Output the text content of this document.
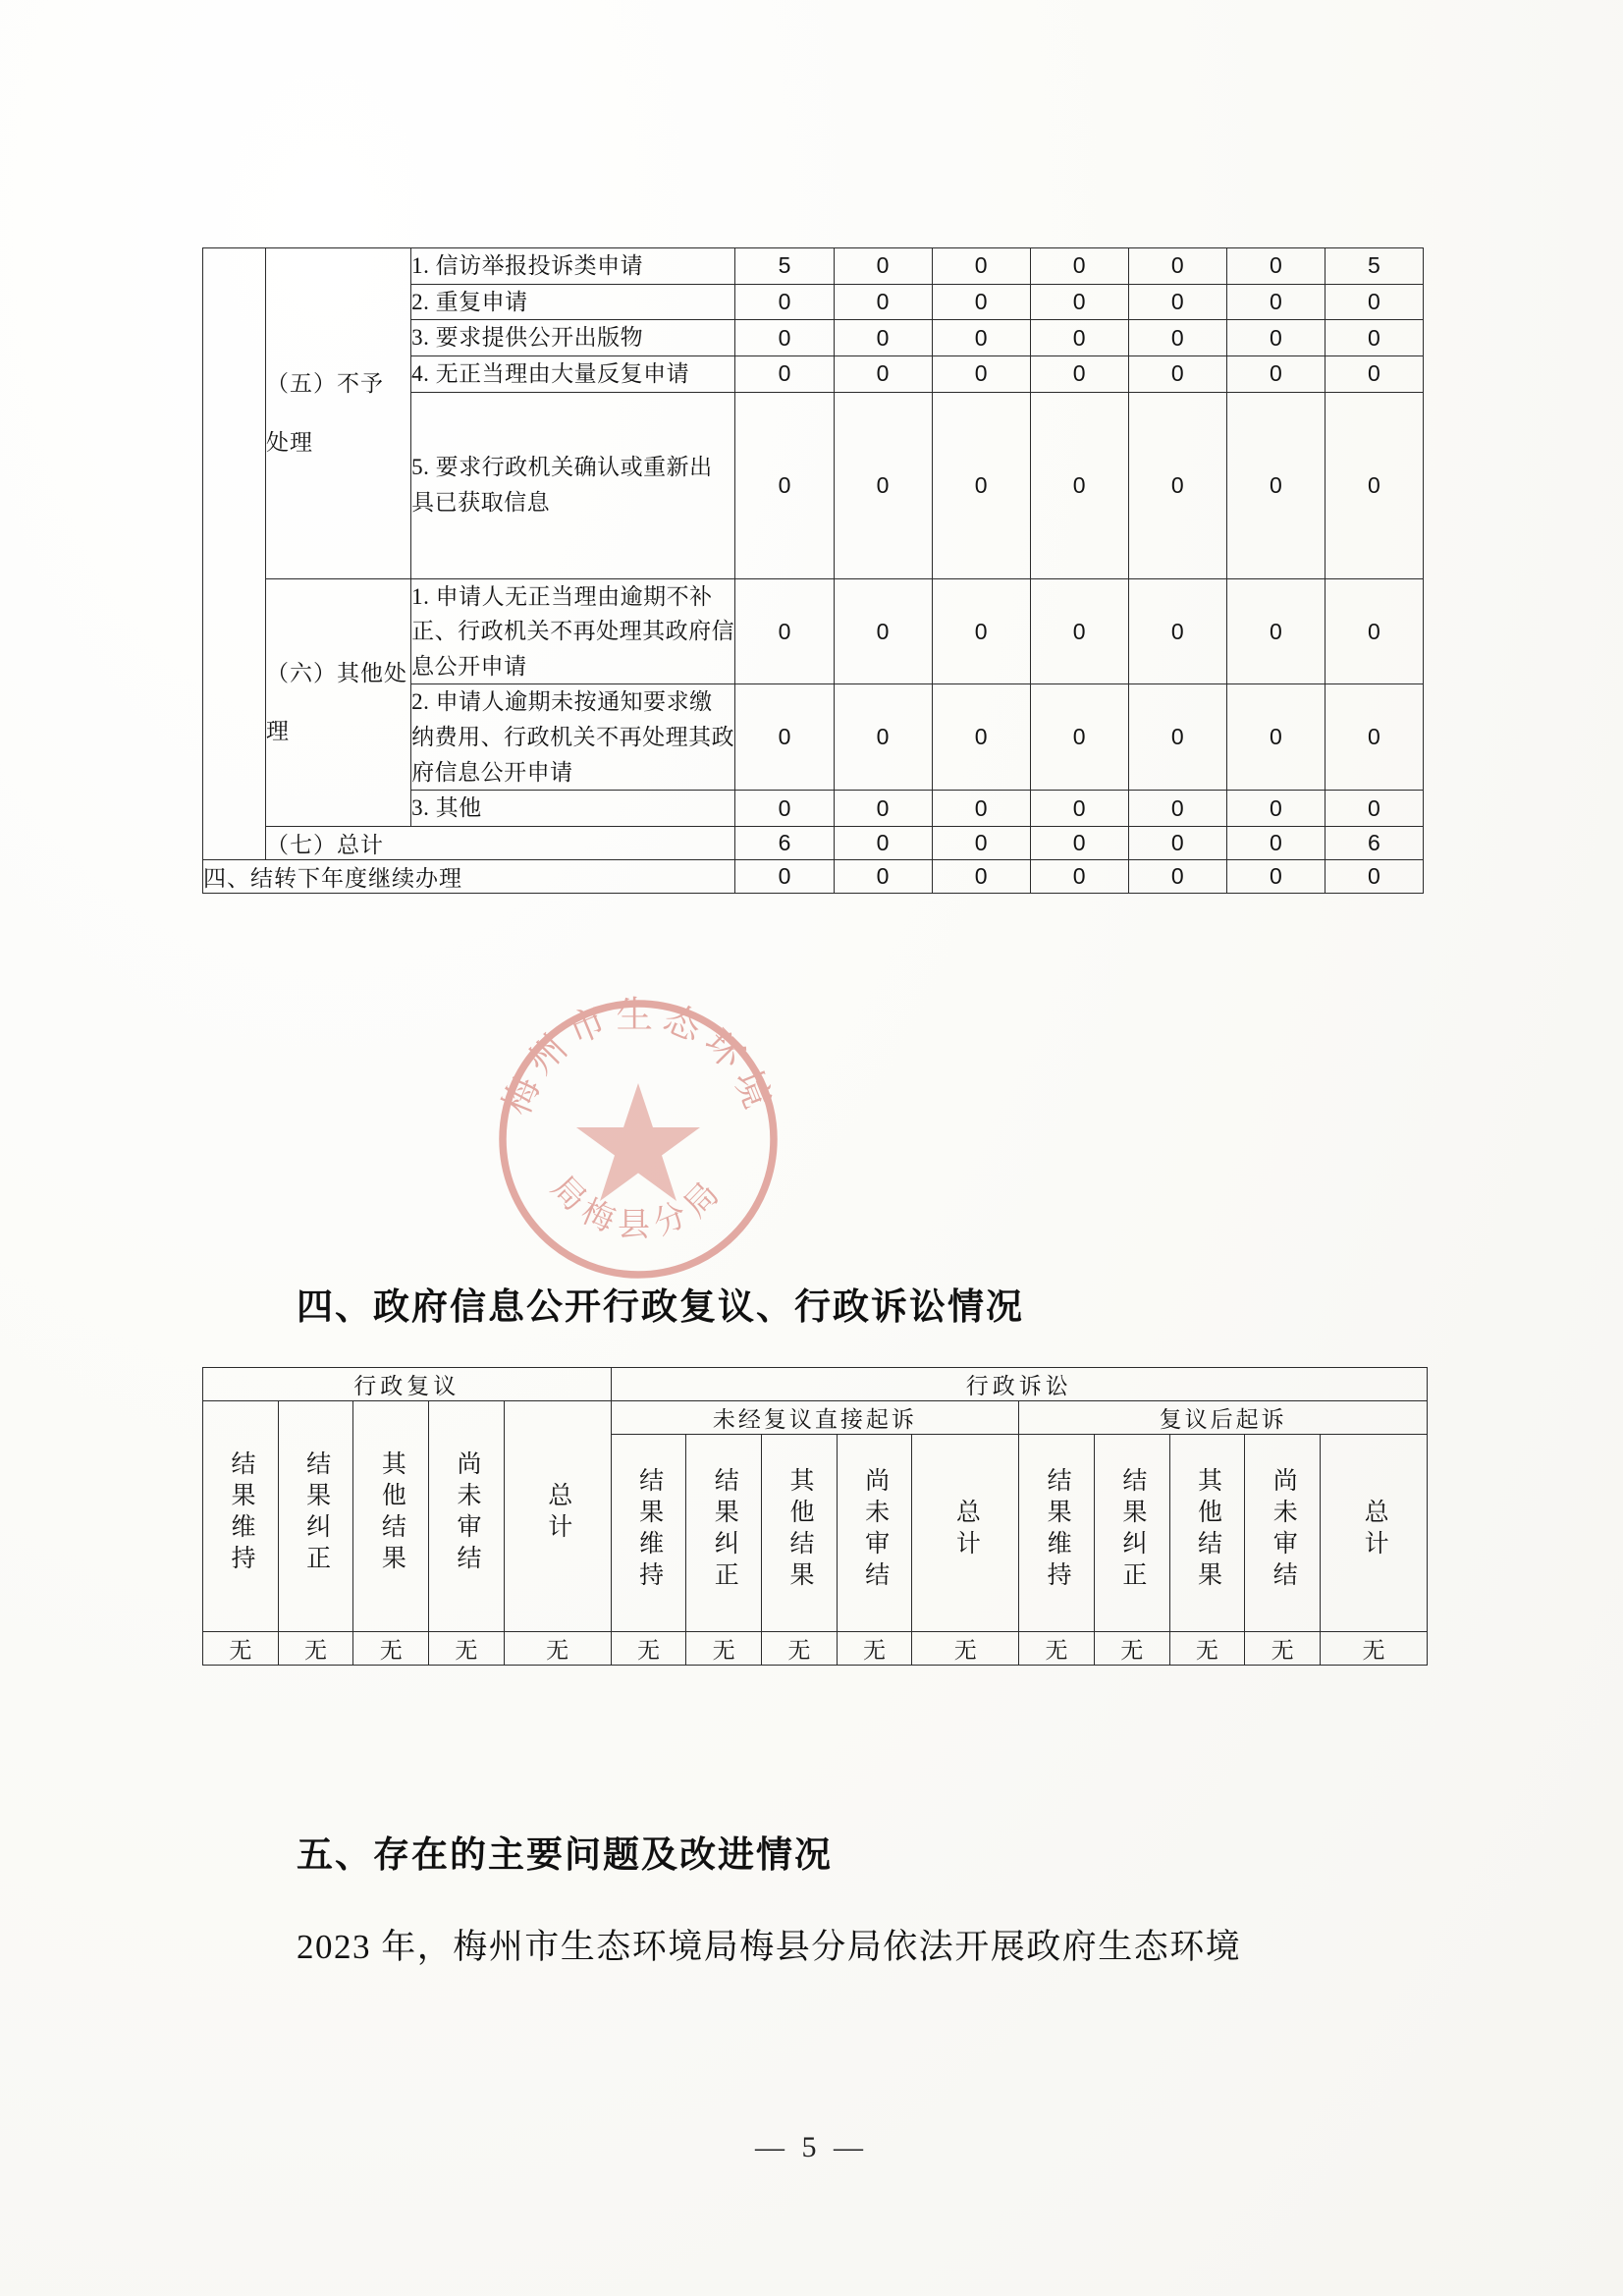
	（五）不予
处理	1. 信访举报投诉类申请	5	0	0	0	0	0	5
		2. 重复申请	0	0	0	0	0	0	0
		3. 要求提供公开出版物	0	0	0	0	0	0	0
		4. 无正当理由大量反复申请	0	0	0	0	0	0	0
		5. 要求行政机关确认或重新出具已获取信息	0	0	0	0	0	0	0

	（六）其他处
理	1. 申请人无正当理由逾期不补正、行政机关不再处理其政府信息公开申请	0	0	0	0	0	0	0
		2. 申请人逾期未按通知要求缴纳费用、行政机关不再处理其政府信息公开申请	0	0	0	0	0	0	0
		3. 其他	0	0	0	0	0	0	0
	（七）总计		6	0	0	0	0	0	6
四、结转下年度继续办理			0	0	0	0	0	0	0
四、政府信息公开行政复议、行政诉讼情况
行政复议					行政诉讼									
结果维持	结果纠正	其他结果	尚未审结	总计	未经复议直接起诉					复议后起诉				
					结果维持	结果纠正	其他结果	尚未审结	总计	结果维持	结果纠正	其他结果	尚未审结	总计
无	无	无	无	无	无	无	无	无	无	无	无	无	无	无
五、存在的主要问题及改进情况
2023 年，梅州市生态环境局梅县分局依法开展政府生态环境
— 5 —
梅州市生态环境
局梅县分局
